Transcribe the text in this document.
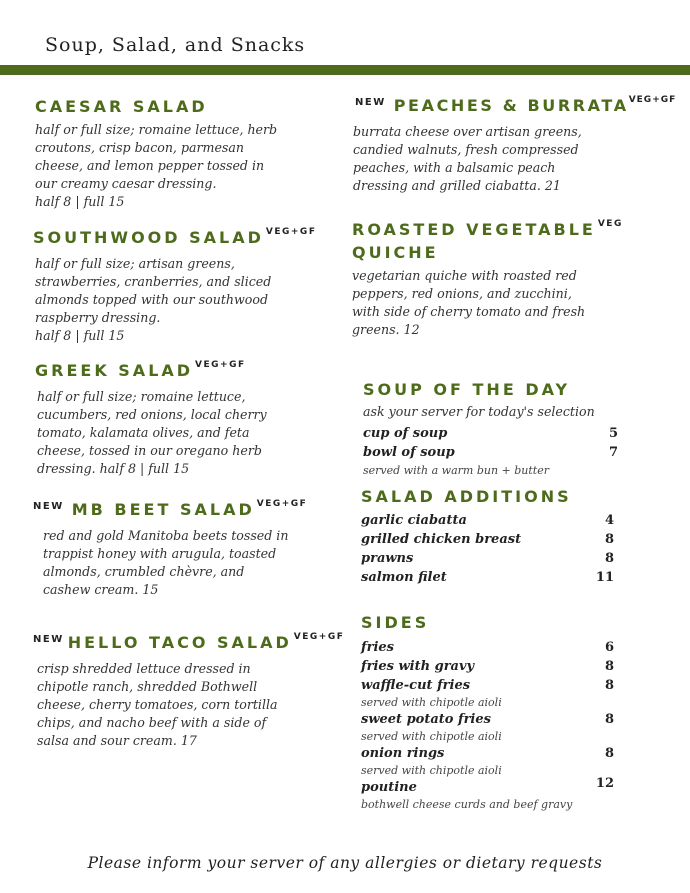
Soup, Salad, and Snacks
CAESAR SALAD
half or full size; romaine lettuce, herb
croutons, crisp bacon, parmesan
cheese, and lemon pepper tossed in
our creamy caesar dressing.
half 8 | full 15
SOUTHWOOD SALAD $^{VEG+GF}$
half or full size; artisan greens,
strawberries, cranberries, and sliced
almonds topped with our southwood
raspberry dressing.
half 8 | full 15
GREEK SALAD $^{VEG+GF}$
half or full size; romaine lettuce,
cucumbers, red onions, local cherry
tomato, kalamata olives, and feta
cheese, tossed in our oregano herb
dressing. half 8 | full 15
$^{NEW}$ MB BEET SALAD $^{VEG+GF}$
red and gold Manitoba beets tossed in
trappist honey with arugula, toasted
almonds, crumbled chèvre, and
cashew cream. 15
$^{NEW}$ HELLO TACO SALAD $^{VEG+GF}$
crisp shredded lettuce dressed in
chipotle ranch, shredded Bothwell
cheese, cherry tomatoes, corn tortilla
chips, and nacho beef with a side of
salsa and sour cream. 17
$^{NEW}$ PEACHES & $BURRATA^{VEG+GF}$
burrata cheese over artisan greens,
candied walnuts, fresh compressed
peaches, with a balsamic peach
dressing and grilled ciabatta. 21
ROASTED VEGETABLE $^{VEG}$
QUICHE
vegetarian quiche with roasted red
peppers, red onions, and zucchini,
with side of cherry tomato and fresh
greens. 12
SOUP OF THE DAY
ask your server for today's selection
cup of soup	5
bowl of soup	7
served with a warm bun + butter
SALAD ADDITIONS
garlic ciabatta	4
grilled chicken breast	8
prawns	8
salmon filet	11
SIDES
fries	6
fries with gravy	8
waffle-cut fries	8
served with chipotle aioli
sweet potato fries	8
served with chipotle aioli
onion rings	8
served with chipotle aioli
poutine	12
bothwell cheese curds and beef gravy
Please inform your server of any allergies or dietary requests
